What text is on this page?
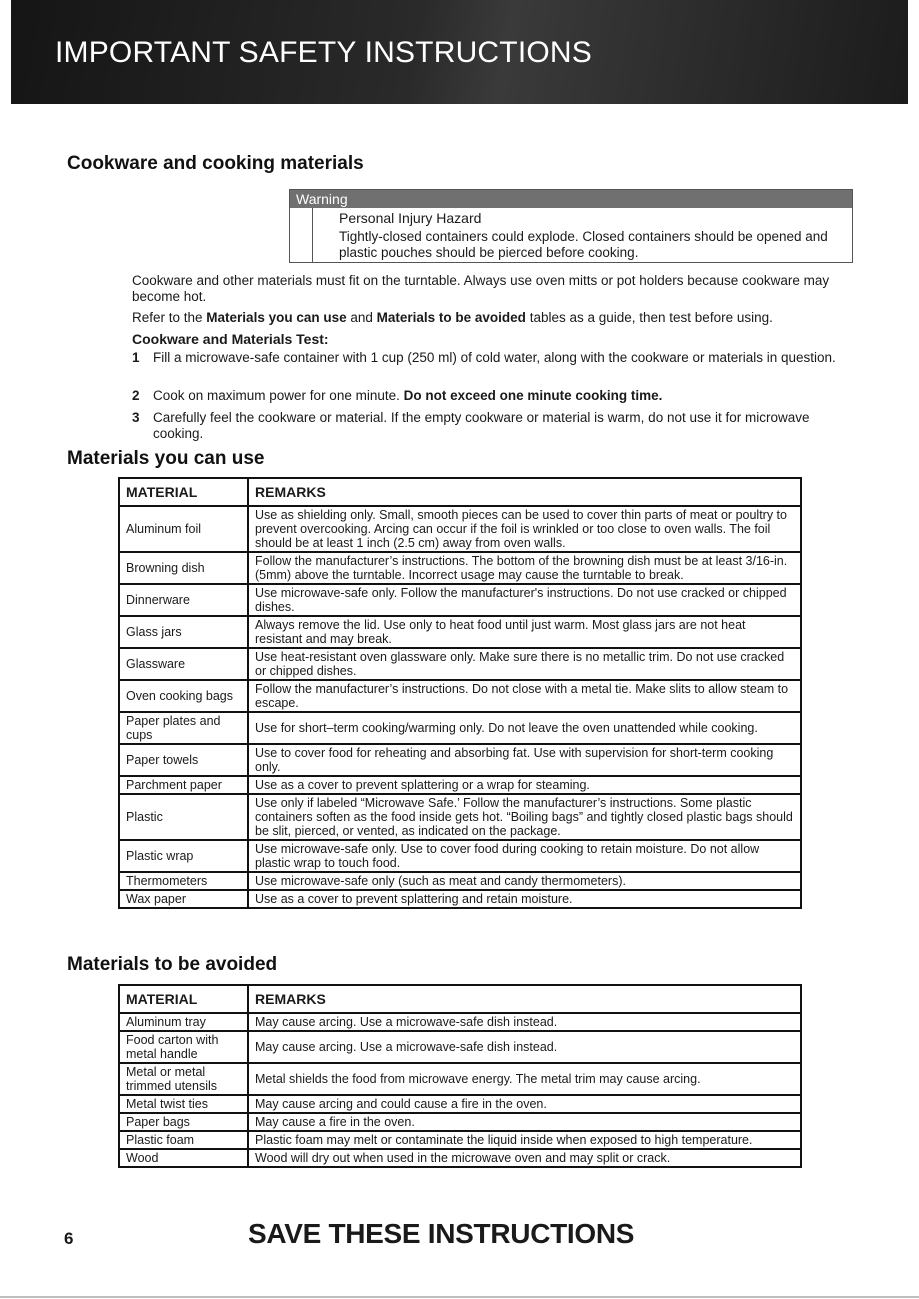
IMPORTANT SAFETY INSTRUCTIONS
Cookware and cooking materials
Warning
Personal Injury Hazard
Tightly-closed containers could explode. Closed containers should be opened and plastic pouches should be pierced before cooking.
Cookware and other materials must fit on the turntable. Always use oven mitts or pot holders because cookware may become hot.
Refer to the Materials you can use and Materials to be avoided tables as a guide, then test before using.
Cookware and Materials Test:
1 Fill a microwave-safe container with 1 cup (250 ml) of cold water, along with the cookware or materials in question.
2 Cook on maximum power for one minute. Do not exceed one minute cooking time.
3 Carefully feel the cookware or material. If the empty cookware or material is warm, do not use it for microwave cooking.
Materials you can use
MATERIAL	REMARKS
Aluminum foil	Use as shielding only. Small, smooth pieces can be used to cover thin parts of meat or poultry to prevent overcooking. Arcing can occur if the foil is wrinkled or too close to oven walls. The foil should be at least 1 inch (2.5 cm) away from oven walls.
Browning dish	Follow the manufacturer’s instructions. The bottom of the browning dish must be at least 3/16-in. (5mm) above the turntable. Incorrect usage may cause the turntable to break.
Dinnerware	Use microwave-safe only. Follow the manufacturer's instructions. Do not use cracked or chipped dishes.
Glass jars	Always remove the lid. Use only to heat food until just warm. Most glass jars are not heat resistant and may break.
Glassware	Use heat-resistant oven glassware only. Make sure there is no metallic trim. Do not use cracked or chipped dishes.
Oven cooking bags	Follow the manufacturer’s instructions. Do not close with a metal tie. Make slits to allow steam to escape.
Paper plates and cups	Use for short–term cooking/warming only. Do not leave the oven unattended while cooking.
Paper towels	Use to cover food for reheating and absorbing fat. Use with supervision for short-term cooking only.
Parchment paper	Use as a cover to prevent splattering or a wrap for steaming.
Plastic	Use only if labeled “Microwave Safe.’ Follow the manufacturer’s instructions. Some plastic containers soften as the food inside gets hot. “Boiling bags” and tightly closed plastic bags should be slit, pierced, or vented, as indicated on the package.
Plastic wrap	Use microwave-safe only. Use to cover food during cooking to retain moisture. Do not allow plastic wrap to touch food.
Thermometers	Use microwave-safe only (such as meat and candy thermometers).
Wax paper	Use as a cover to prevent splattering and retain moisture.
Materials to be avoided
MATERIAL	REMARKS
Aluminum tray	May cause arcing. Use a microwave-safe dish instead.
Food carton with metal handle	May cause arcing. Use a microwave-safe dish instead.
Metal or metal trimmed utensils	Metal shields the food from microwave energy. The metal trim may cause arcing.
Metal twist ties	May cause arcing and could cause a fire in the oven.
Paper bags	May cause a fire in the oven.
Plastic foam	Plastic foam may melt or contaminate the liquid inside when exposed to high temperature.
Wood	Wood will dry out when used in the microwave oven and may split or crack.
6	SAVE THESE INSTRUCTIONS
